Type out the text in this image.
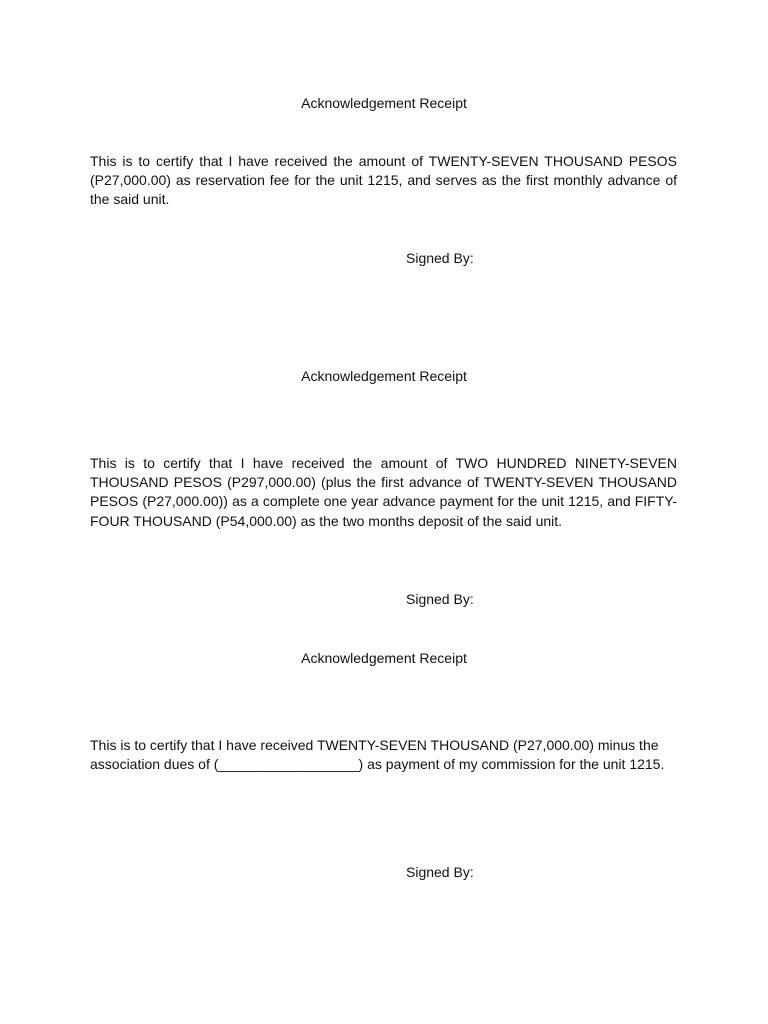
Acknowledgement Receipt

This is to certify that I have received the amount of TWENTY-SEVEN THOUSAND PESOS (P27,000.00) as reservation fee for the unit 1215, and serves as the first monthly advance of the said unit.

Signed By:

Acknowledgement Receipt

This is to certify that I have received the amount of TWO HUNDRED NINETY-SEVEN THOUSAND PESOS (P297,000.00) (plus the first advance of TWENTY-SEVEN THOUSAND PESOS (P27,000.00)) as a complete one year advance payment for the unit 1215, and FIFTY-FOUR THOUSAND (P54,000.00) as the two months deposit of the said unit.

Signed By:

Acknowledgement Receipt

This is to certify that I have received TWENTY-SEVEN THOUSAND (P27,000.00) minus the association dues of (__________________) as payment of my commission for the unit 1215.

Signed By:
